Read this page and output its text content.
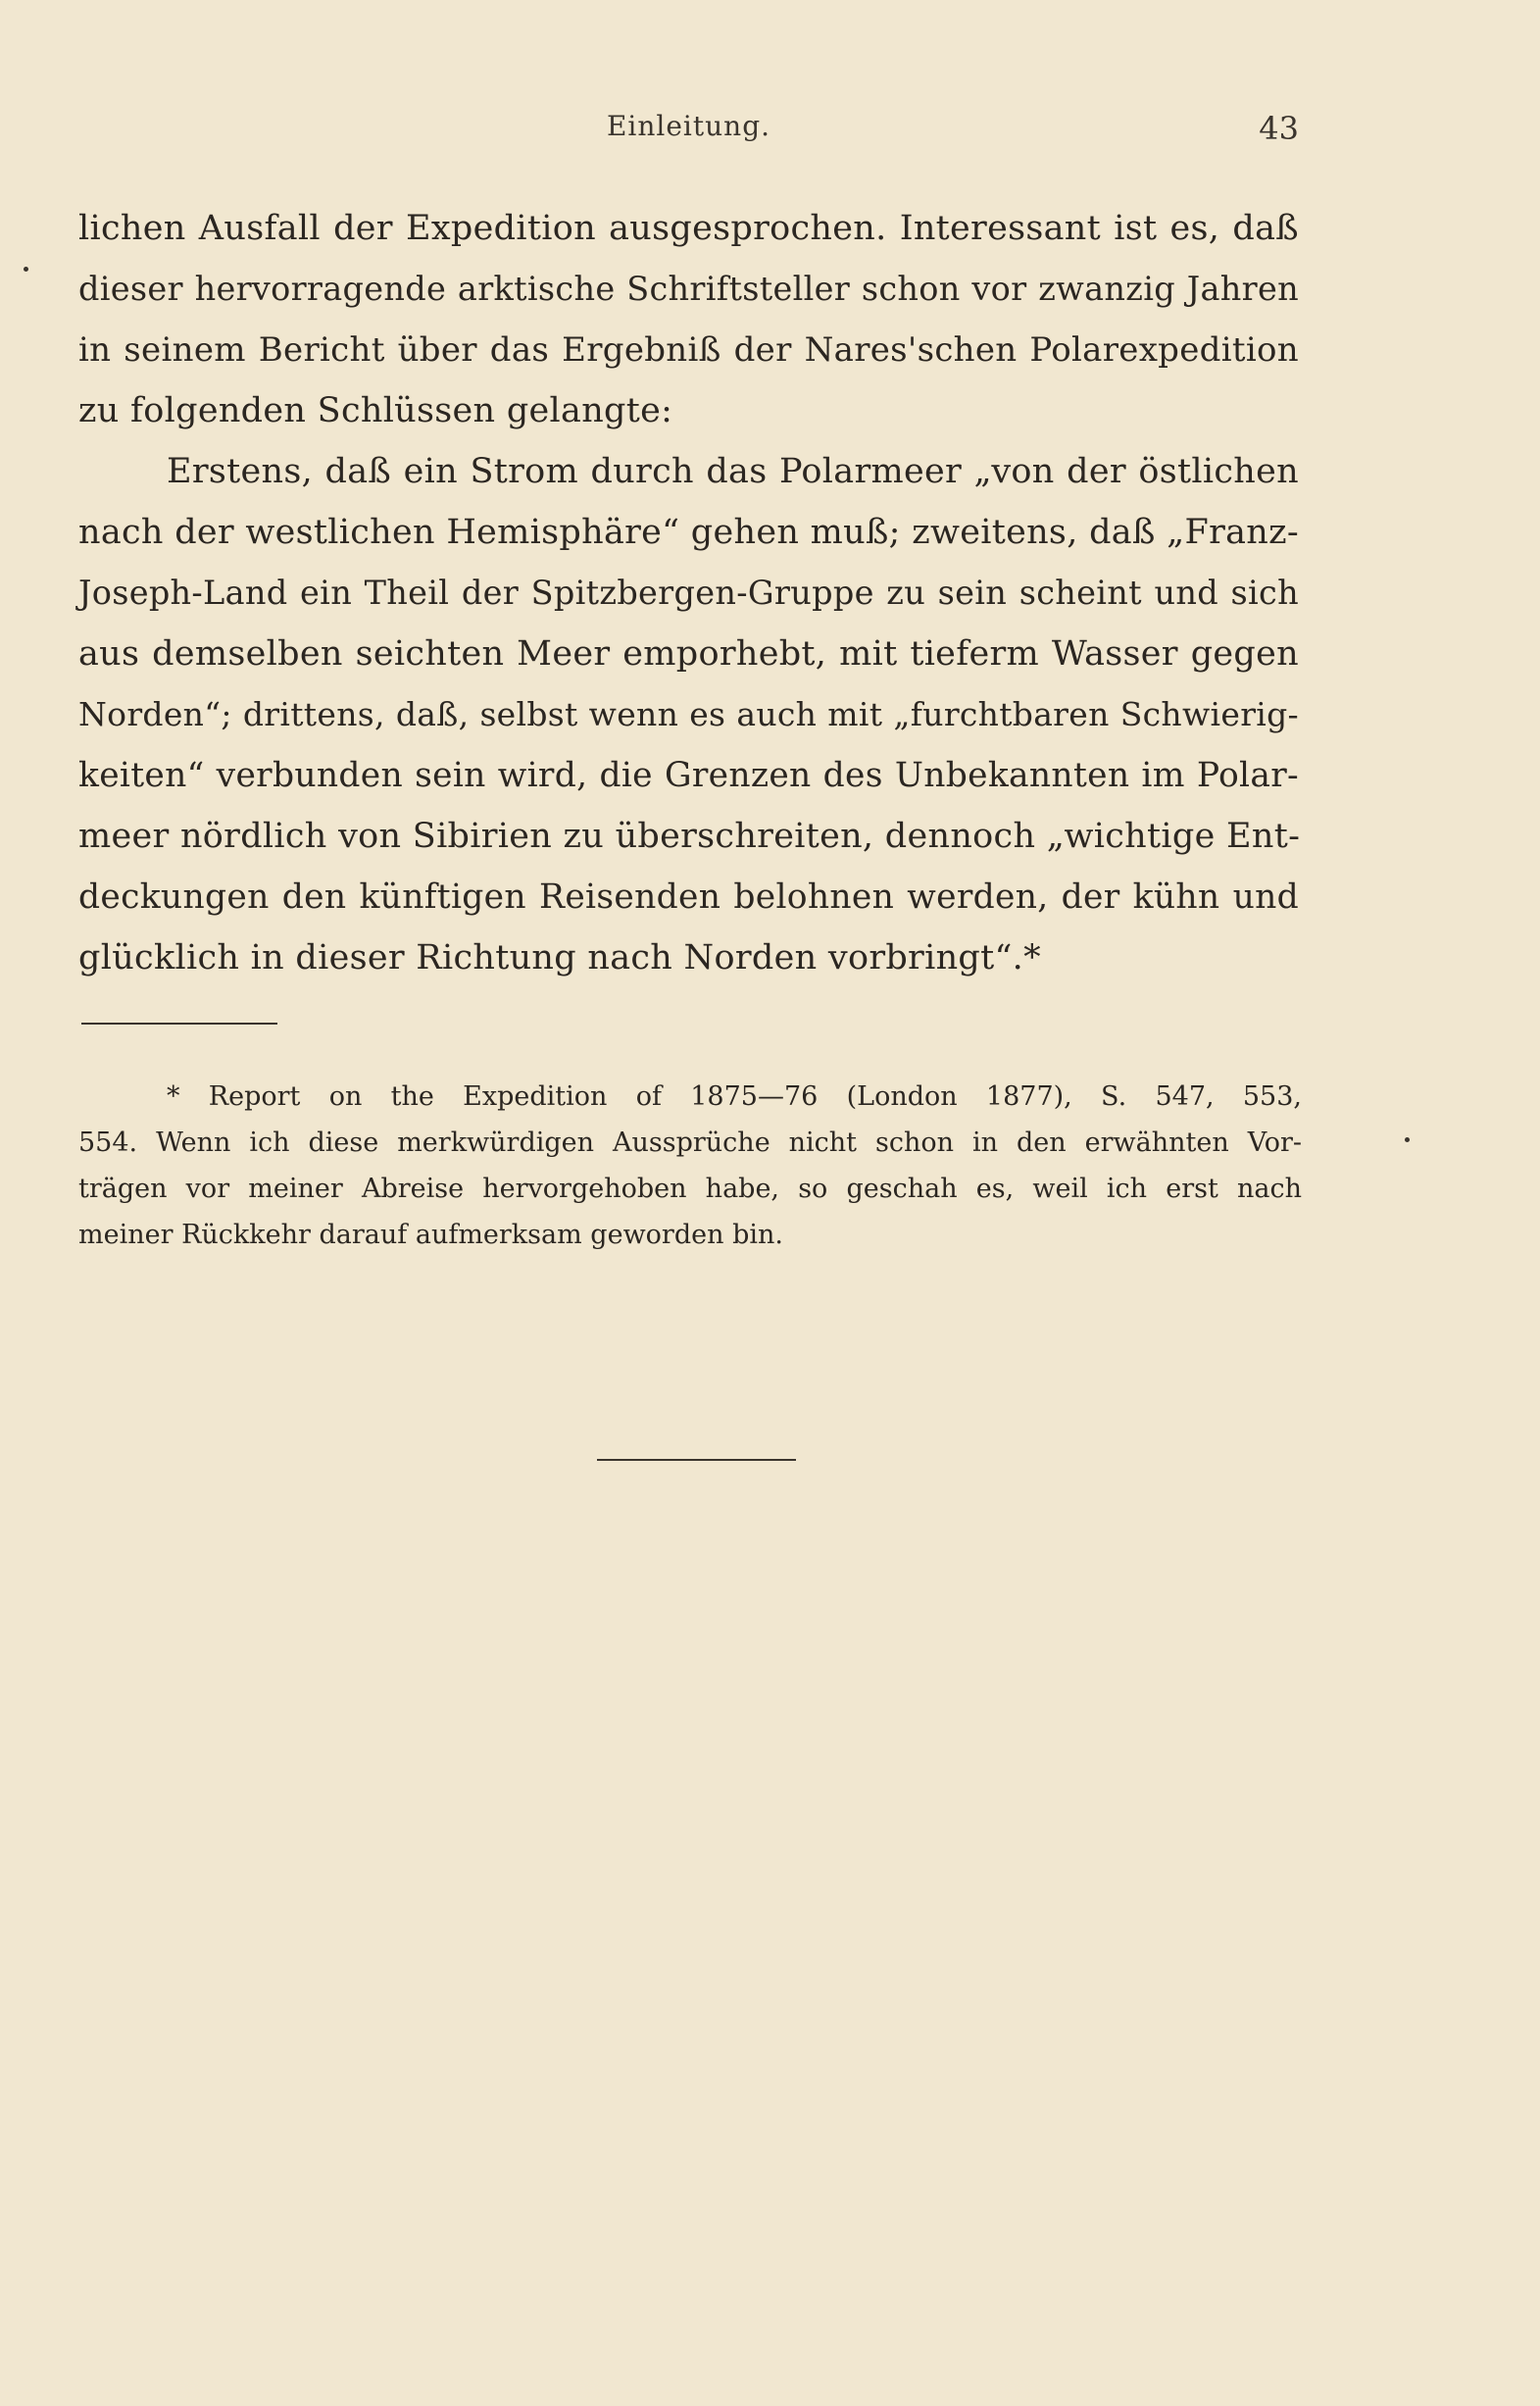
Einleitung.	43
lichen Ausfall der Expedition ausgesprochen. Interessant ist es, daß
dieser hervorragende arktische Schriftsteller schon vor zwanzig Jahren
in seinem Bericht über das Ergebniß der Nares'schen Polarexpedition
zu folgenden Schlüssen gelangte:
Erstens, daß ein Strom durch das Polarmeer „von der östlichen
nach der westlichen Hemisphäre“ gehen muß; zweitens, daß „Franz-
Joseph-Land ein Theil der Spitzbergen-Gruppe zu sein scheint und sich
aus demselben seichten Meer emporhebt, mit tieferm Wasser gegen
Norden“; drittens, daß, selbst wenn es auch mit „furchtbaren Schwierig-
keiten“ verbunden sein wird, die Grenzen des Unbekannten im Polar-
meer nördlich von Sibirien zu überschreiten, dennoch „wichtige Ent-
deckungen den künftigen Reisenden belohnen werden, der kühn und
glücklich in dieser Richtung nach Norden vorbringt“.*
* Report on the Expedition of 1875—76 (London 1877), S. 547, 553,
554. Wenn ich diese merkwürdigen Aussprüche nicht schon in den erwähnten Vor-
trägen vor meiner Abreise hervorgehoben habe, so geschah es, weil ich erst nach
meiner Rückkehr darauf aufmerksam geworden bin.
